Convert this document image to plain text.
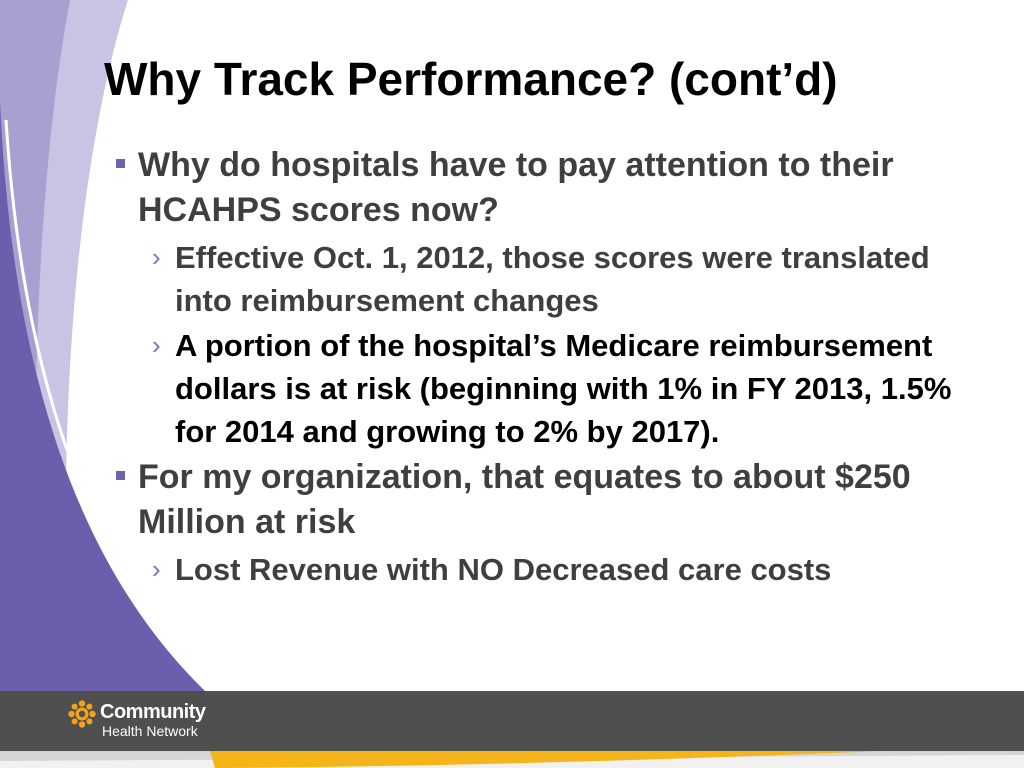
Why Track Performance? (cont’d)
Why do hospitals have to pay attention to their HCAHPS scores now?
› Effective Oct. 1, 2012, those scores were translated into reimbursement changes
› A portion of the hospital’s Medicare reimbursement dollars is at risk (beginning with 1% in FY 2013, 1.5% for 2014 and growing to 2% by 2017).
For my organization, that equates to about $250 Million at risk
› Lost Revenue with NO Decreased care costs
Community
Health Network
